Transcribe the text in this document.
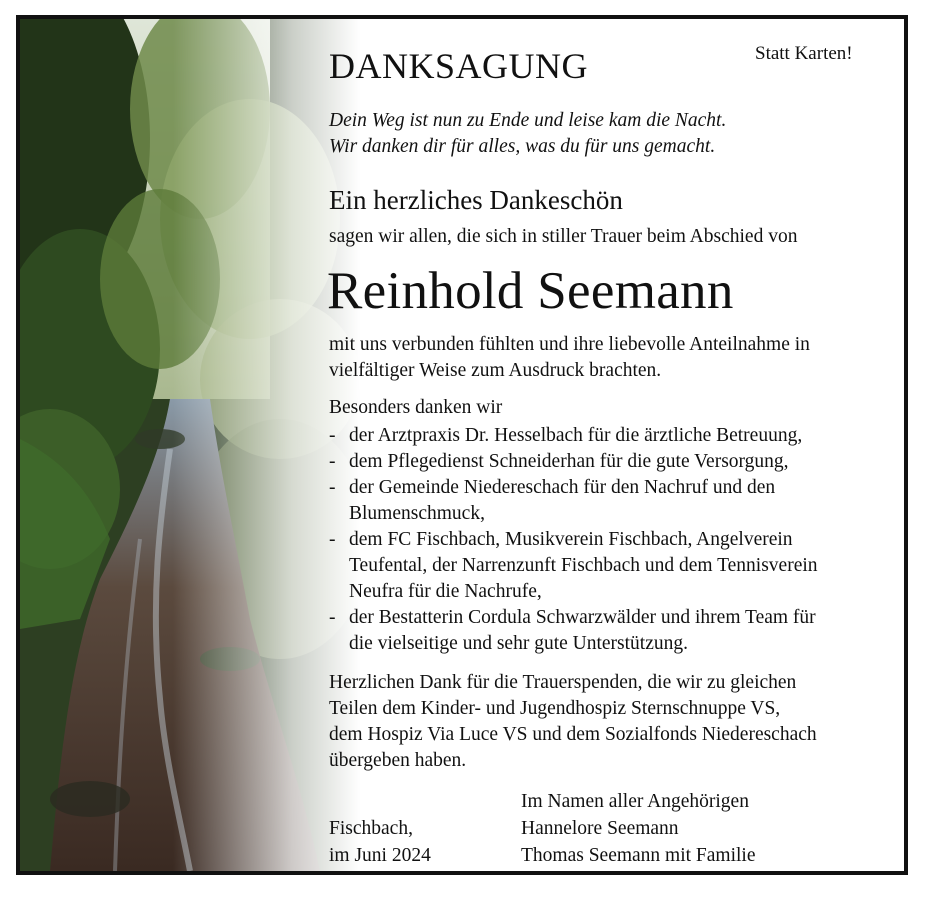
DANKSAGUNG	Statt Karten!
Dein Weg ist nun zu Ende und leise kam die Nacht.
Wir danken dir für alles, was du für uns gemacht.
Ein herzliches Dankeschön
sagen wir allen, die sich in stiller Trauer beim Abschied von
Reinhold Seemann
mit uns verbunden fühlten und ihre liebevolle Anteilnahme in
vielfältiger Weise zum Ausdruck brachten.
Besonders danken wir
- der Arztpraxis Dr. Hesselbach für die ärztliche Betreuung,
- dem Pflegedienst Schneiderhan für die gute Versorgung,
- der Gemeinde Niedereschach für den Nachruf und den
Blumenschmuck,
- dem FC Fischbach, Musikverein Fischbach, Angelverein
Teufental, der Narrenzunft Fischbach und dem Tennisverein
Neufra für die Nachrufe,
- der Bestatterin Cordula Schwarzwälder und ihrem Team für
die vielseitige und sehr gute Unterstützung.
Herzlichen Dank für die Trauerspenden, die wir zu gleichen
Teilen dem Kinder- und Jugendhospiz Sternschnuppe VS,
dem Hospiz Via Luce VS und dem Sozialfonds Niedereschach
übergeben haben.
Fischbach,
im Juni 2024
Im Namen aller Angehörigen
Hannelore Seemann
Thomas Seemann mit Familie
